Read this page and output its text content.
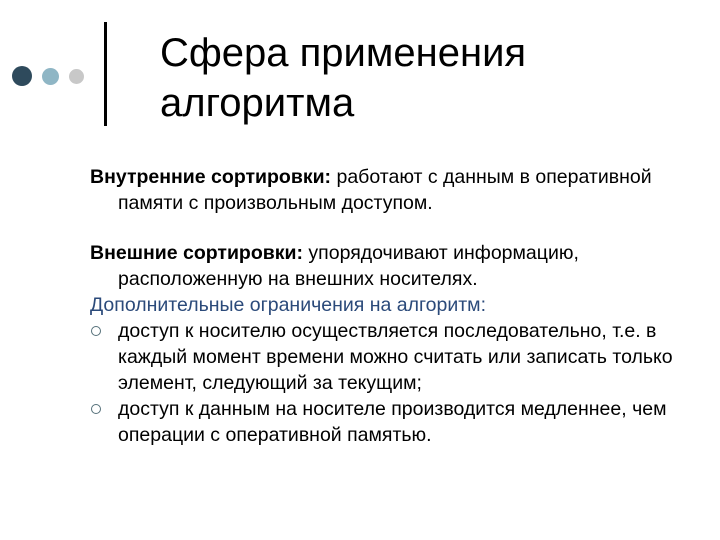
Сфера применения
алгоритма
Внутренние сортировки: работают с данным в оперативной памяти с произвольным доступом.
Внешние сортировки: упорядочивают информацию, расположенную на внешних носителях.
Дополнительные ограничения на алгоритм:
доступ к носителю осуществляется последовательно, т.е. в каждый момент времени можно считать или записать только элемент, следующий за текущим;
доступ к данным на носителе производится медленнее, чем операции с оперативной памятью.
